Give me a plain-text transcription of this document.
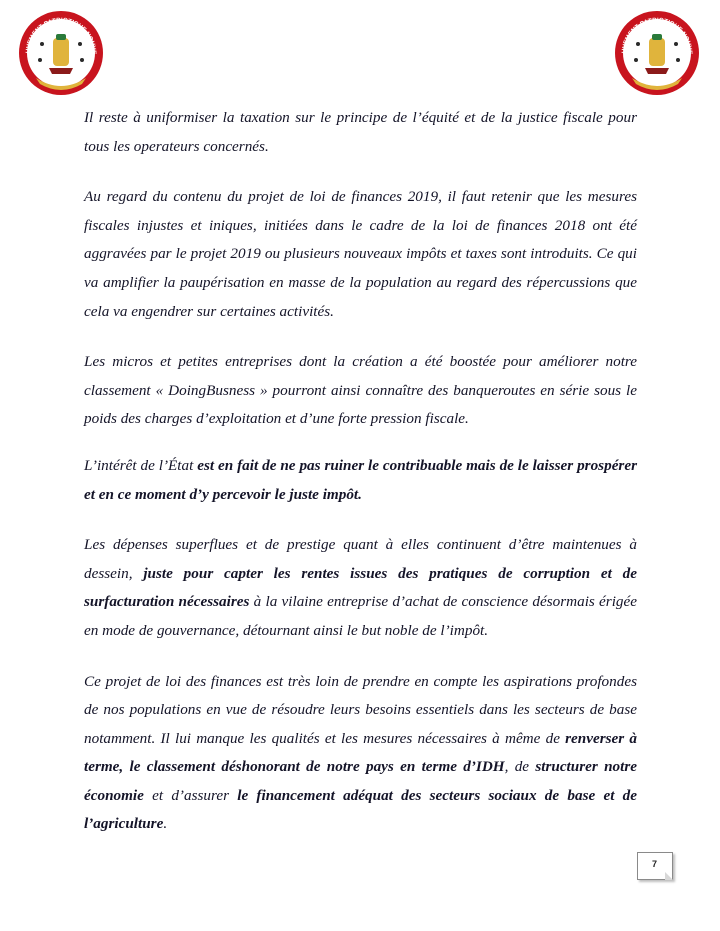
UVEMENT PATRIOTIQUE NOUVE	UVEMENT PATRIOTIQUE NOUVE

Il reste à uniformiser la taxation sur le principe de l’équité et de la justice fiscale pour tous les operateurs concernés.

Au regard du contenu du projet de loi de finances 2019, il faut retenir que les mesures fiscales injustes et iniques, initiées dans le cadre de la loi de finances 2018 ont été aggravées par le projet 2019 ou plusieurs nouveaux impôts et taxes sont introduits. Ce qui va amplifier la paupérisation en masse de la population au regard des répercussions que cela va engendrer sur certaines activités.

Les micros et petites entreprises dont la création a été boostée pour améliorer notre classement « DoingBusness » pourront ainsi connaître des banqueroutes en série sous le poids des charges d’exploitation et d’une forte pression fiscale.

L’intérêt de l’État est en fait de ne pas ruiner le contribuable mais de le laisser prospérer et en ce moment d’y percevoir le juste impôt.

Les dépenses superflues et de prestige quant à elles continuent d’être maintenues à dessein, juste pour capter les rentes issues des pratiques de corruption et de surfacturation nécessaires à la vilaine entreprise d’achat de conscience désormais érigée en mode de gouvernance, détournant ainsi le but noble de l’impôt.

Ce projet de loi des finances est très loin de prendre en compte les aspirations profondes de nos populations en vue de résoudre leurs besoins essentiels dans les secteurs de base notamment. Il lui manque les qualités et les mesures nécessaires à même de renverser à terme, le classement déshonorant de notre pays en terme d’IDH, de structurer notre économie et d’assurer le financement adéquat des secteurs sociaux de base et de l’agriculture.

7
